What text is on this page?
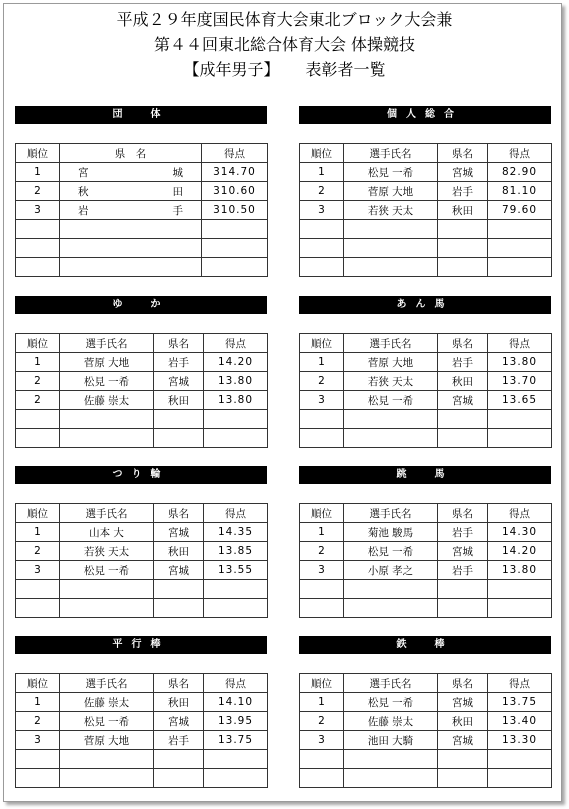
平成２９年度国民体育大会東北ブロック大会兼
第４４回東北総合体育大会 体操競技
【成年男子】 表彰者一覧
団　体
順位	県　名	得点
1	宮城	314.70
2	秋田	310.60
3	岩手	310.50

個人総合
順位	選手氏名	県名	得点
1	松見 一希	宮城	82.90
2	菅原 大地	岩手	81.10
3	若狭 天太	秋田	79.60

ゆ　か
順位	選手氏名	県名	得点
1	菅原 大地	岩手	14.20
2	松見 一希	宮城	13.80
2	佐藤 崇太	秋田	13.80

あん馬
順位	選手氏名	県名	得点
1	菅原 大地	岩手	13.80
2	若狭 天太	秋田	13.70
3	松見 一希	宮城	13.65

つり輪
順位	選手氏名	県名	得点
1	山本 大	宮城	14.35
2	若狭 天太	秋田	13.85
3	松見 一希	宮城	13.55

跳　馬
順位	選手氏名	県名	得点
1	菊池 駿馬	岩手	14.30
2	松見 一希	宮城	14.20
3	小原 孝之	岩手	13.80

平行棒
順位	選手氏名	県名	得点
1	佐藤 崇太	秋田	14.10
2	松見 一希	宮城	13.95
3	菅原 大地	岩手	13.75

鉄　棒
順位	選手氏名	県名	得点
1	松見 一希	宮城	13.75
2	佐藤 崇太	秋田	13.40
3	池田 大騎	宮城	13.30
